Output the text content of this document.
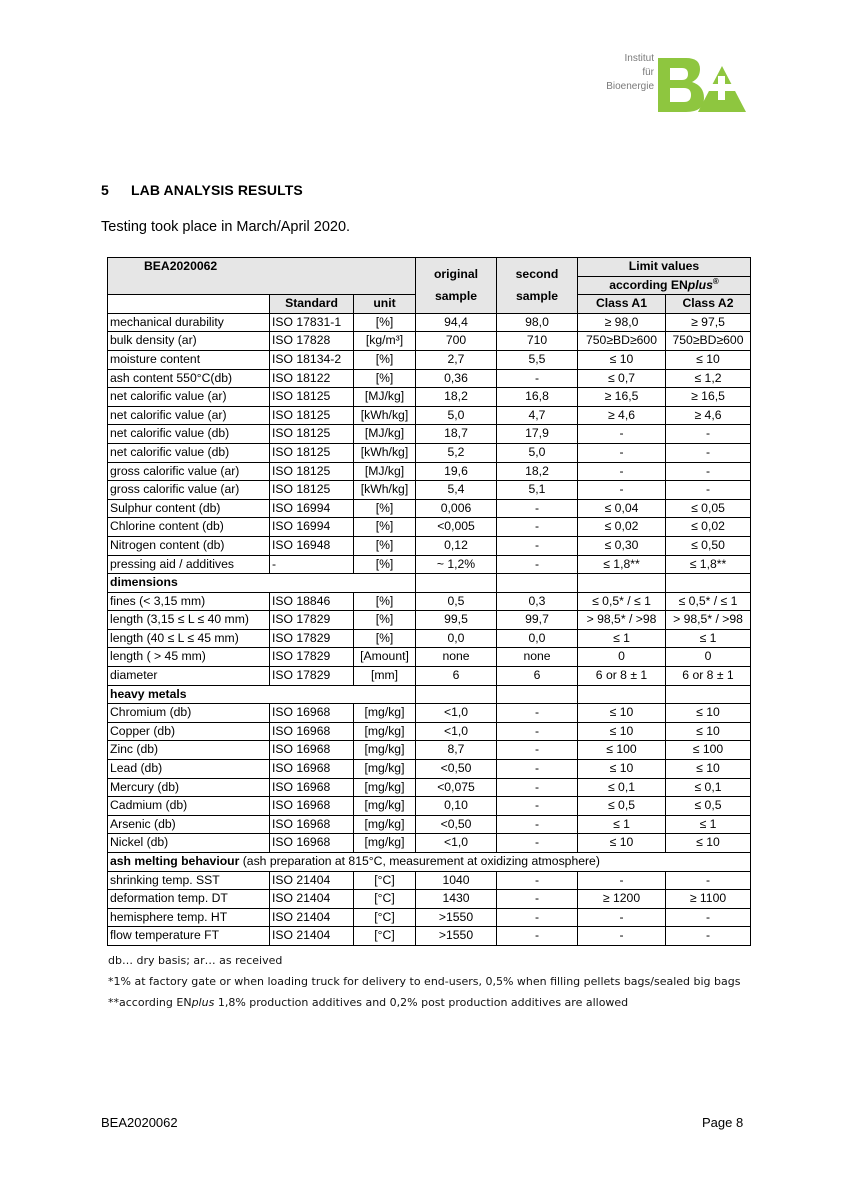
Institut
für
Bioenergie
5 LAB ANALYSIS RESULTS
Testing took place in March/April 2020.
BEA2020062			original sample	second sample	Limit values	
					according ENplus®
	Standard	unit			Class A1	Class A2
mechanical durability	ISO 17831-1	[%]	94,4	98,0	≥ 98,0	≥ 97,5
bulk density (ar)	ISO 17828	[kg/m³]	700	710	750≥BD≥600	750≥BD≥600
moisture content	ISO 18134-2	[%]	2,7	5,5	≤ 10	≤ 10
ash content 550°C(db)	ISO 18122	[%]	0,36	-	≤ 0,7	≤ 1,2
net calorific value (ar)	ISO 18125	[MJ/kg]	18,2	16,8	≥ 16,5	≥ 16,5
net calorific value (ar)	ISO 18125	[kWh/kg]	5,0	4,7	≥ 4,6	≥ 4,6
net calorific value (db)	ISO 18125	[MJ/kg]	18,7	17,9	-	-
net calorific value (db)	ISO 18125	[kWh/kg]	5,2	5,0	-	-
gross calorific value (ar)	ISO 18125	[MJ/kg]	19,6	18,2	-	-
gross calorific value (ar)	ISO 18125	[kWh/kg]	5,4	5,1	-	-
Sulphur content (db)	ISO 16994	[%]	0,006	-	≤ 0,04	≤ 0,05
Chlorine content (db)	ISO 16994	[%]	<0,005	-	≤ 0,02	≤ 0,02
Nitrogen content (db)	ISO 16948	[%]	0,12	-	≤ 0,30	≤ 0,50
pressing aid / additives	-	[%]	~ 1,2%	-	≤ 1,8**	≤ 1,8**
dimensions						
fines (< 3,15 mm)	ISO 18846	[%]	0,5	0,3	≤ 0,5* / ≤ 1	≤ 0,5* / ≤ 1
length (3,15 ≤ L ≤ 40 mm)	ISO 17829	[%]	99,5	99,7	> 98,5* / >98	> 98,5* / >98
length (40 ≤ L ≤ 45 mm)	ISO 17829	[%]	0,0	0,0	≤ 1	≤ 1
length ( > 45 mm)	ISO 17829	[Amount]	none	none	0	0
diameter	ISO 17829	[mm]	6	6	6 or 8 ± 1	6 or 8 ± 1
heavy metals						
Chromium (db)	ISO 16968	[mg/kg]	<1,0	-	≤ 10	≤ 10
Copper (db)	ISO 16968	[mg/kg]	<1,0	-	≤ 10	≤ 10
Zinc (db)	ISO 16968	[mg/kg]	8,7	-	≤ 100	≤ 100
Lead (db)	ISO 16968	[mg/kg]	<0,50	-	≤ 10	≤ 10
Mercury (db)	ISO 16968	[mg/kg]	<0,075	-	≤ 0,1	≤ 0,1
Cadmium (db)	ISO 16968	[mg/kg]	0,10	-	≤ 0,5	≤ 0,5
Arsenic (db)	ISO 16968	[mg/kg]	<0,50	-	≤ 1	≤ 1
Nickel (db)	ISO 16968	[mg/kg]	<1,0	-	≤ 10	≤ 10
ash melting behaviour (ash preparation at 815°C, measurement at oxidizing atmosphere)						
shrinking temp. SST	ISO 21404	[°C]	1040	-	-	-
deformation temp. DT	ISO 21404	[°C]	1430	-	≥ 1200	≥ 1100
hemisphere temp. HT	ISO 21404	[°C]	>1550	-	-	-
flow temperature FT	ISO 21404	[°C]	>1550	-	-	-
db… dry basis; ar… as received
*1% at factory gate or when loading truck for delivery to end-users, 0,5% when filling pellets bags/sealed big bags
**according ENplus 1,8% production additives and 0,2% post production additives are allowed
BEA2020062	Page 8
